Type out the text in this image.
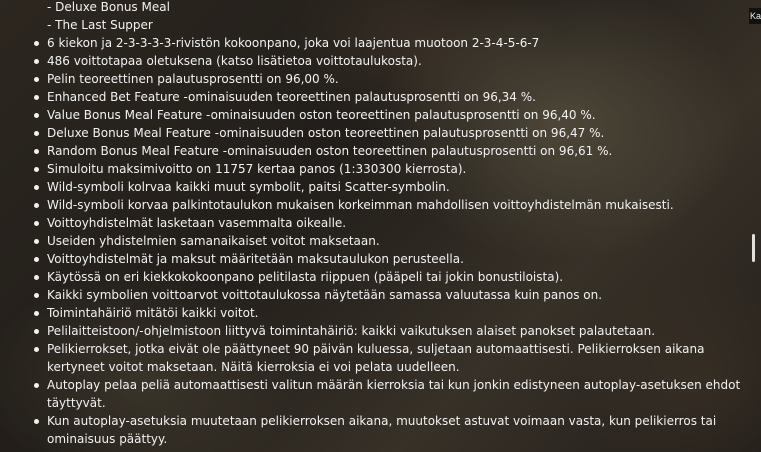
- Deluxe Bonus Meal
- The Last Supper
6 kiekon ja 2-3-3-3-3-rivistön kokoonpano, joka voi laajentua muotoon 2-3-4-5-6-7
486 voittotapaa oletuksena (katso lisätietoa voittotaulukosta).
Pelin teoreettinen palautusprosentti on 96,00 %.
Enhanced Bet Feature -ominaisuuden teoreettinen palautusprosentti on 96,34 %.
Value Bonus Meal Feature -ominaisuuden oston teoreettinen palautusprosentti on 96,40 %.
Deluxe Bonus Meal Feature -ominaisuuden oston teoreettinen palautusprosentti on 96,47 %.
Random Bonus Meal Feature -ominaisuuden oston teoreettinen palautusprosentti on 96,61 %.
Simuloitu maksimivoitto on 11757 kertaa panos (1:330300 kierrosta).
Wild-symboli kolrvaa kaikki muut symbolit, paitsi Scatter-symbolin.
Wild-symboli korvaa palkintotaulukon mukaisen korkeimman mahdollisen voittoyhdistelmän mukaisesti.
Voittoyhdistelmät lasketaan vasemmalta oikealle.
Useiden yhdistelmien samanaikaiset voitot maksetaan.
Voittoyhdistelmät ja maksut määritetään maksutaulukon perusteella.
Käytössä on eri kiekkokokoonpano pelitilasta riippuen (pääpeli tai jokin bonustiloista).
Kaikki symbolien voittoarvot voittotaulukossa näytetään samassa valuutassa kuin panos on.
Toimintahäiriö mitätöi kaikki voitot.
Pelilaitteistoon/-ohjelmistoon liittyvä toimintahäiriö: kaikki vaikutuksen alaiset panokset palautetaan.
Pelikierrokset, jotka eivät ole päättyneet 90 päivän kuluessa, suljetaan automaattisesti. Pelikierroksen aikana kertyneet voitot maksetaan. Näitä kierroksia ei voi pelata uudelleen.
Autoplay pelaa peliä automaattisesti valitun määrän kierroksia tai kun jonkin edistyneen autoplay-asetuksen ehdot täyttyvät.
Kun autoplay-asetuksia muutetaan pelikierroksen aikana, muutokset astuvat voimaan vasta, kun pelikierros tai ominaisuus päättyy.
Ka
